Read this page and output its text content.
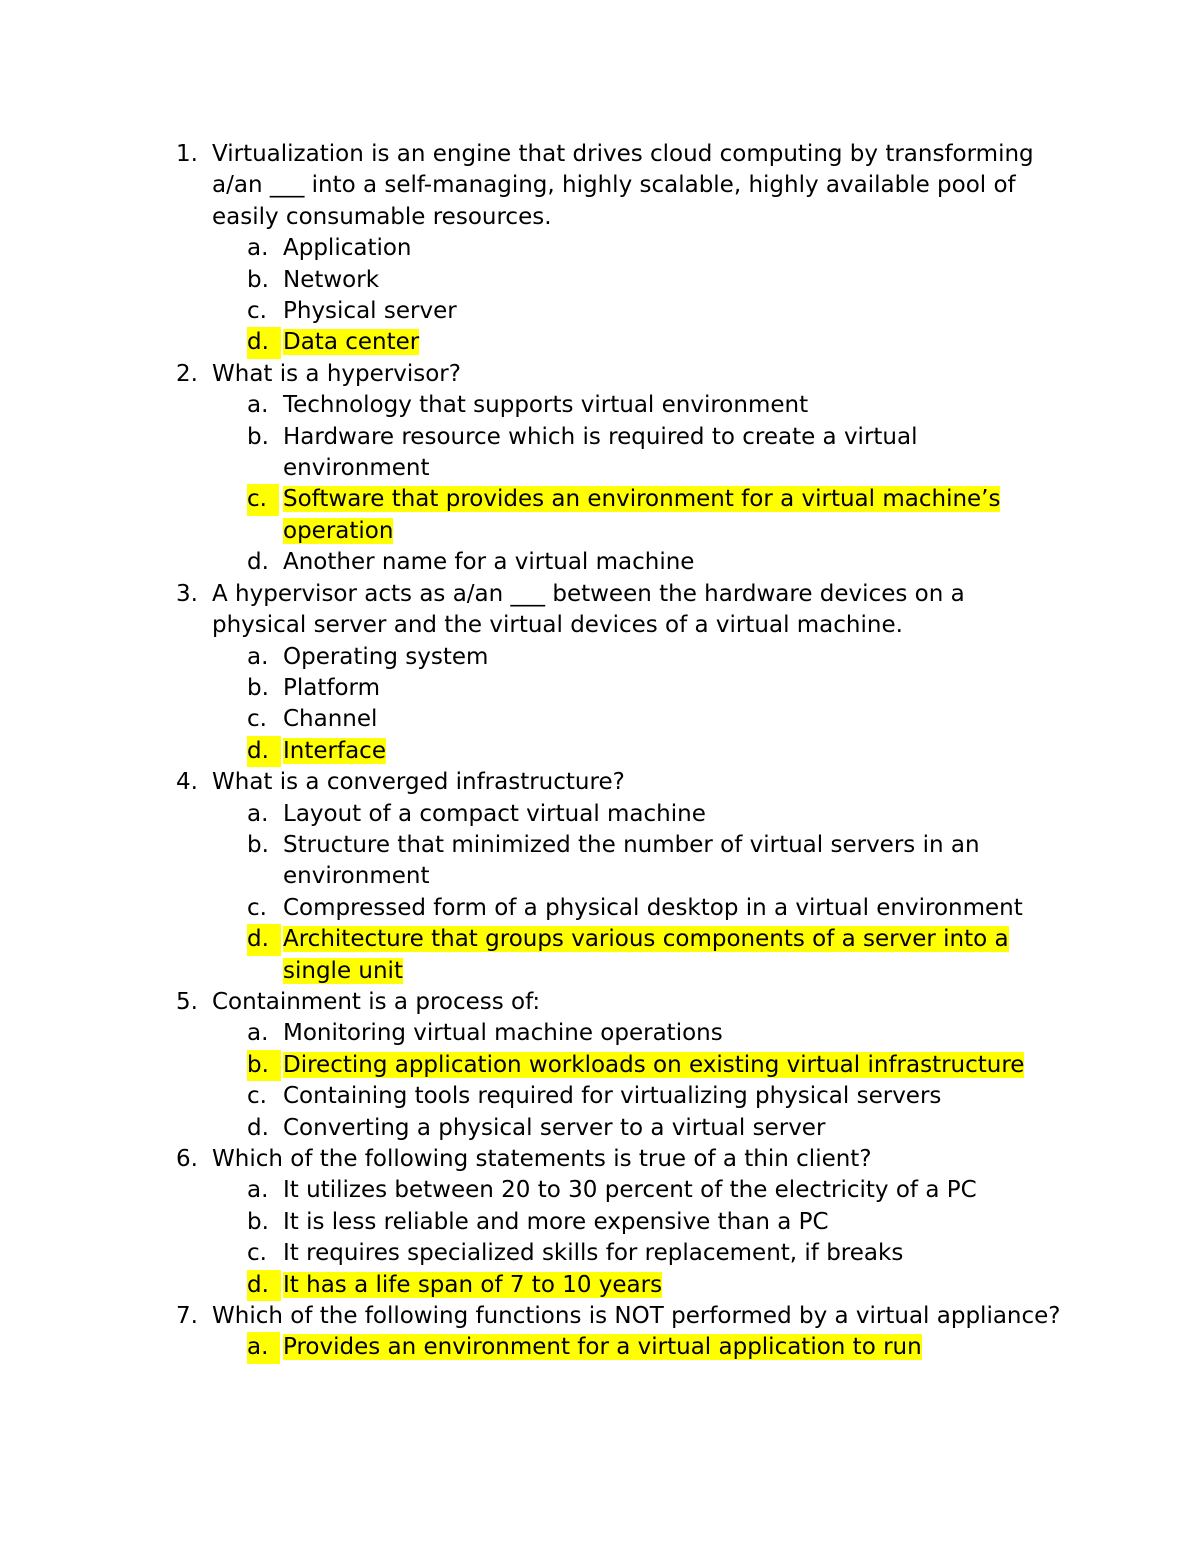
1. Virtualization is an engine that drives cloud computing by transforming a/an ___ into a self-managing, highly scalable, highly available pool of easily consumable resources.
a. Application
b. Network
c. Physical server
d. Data center
2. What is a hypervisor?
a. Technology that supports virtual environment
b. Hardware resource which is required to create a virtual environment
c. Software that provides an environment for a virtual machine’s operation
d. Another name for a virtual machine
3. A hypervisor acts as a/an ___ between the hardware devices on a physical server and the virtual devices of a virtual machine.
a. Operating system
b. Platform
c. Channel
d. Interface
4. What is a converged infrastructure?
a. Layout of a compact virtual machine
b. Structure that minimized the number of virtual servers in an environment
c. Compressed form of a physical desktop in a virtual environment
d. Architecture that groups various components of a server into a single unit
5. Containment is a process of:
a. Monitoring virtual machine operations
b. Directing application workloads on existing virtual infrastructure
c. Containing tools required for virtualizing physical servers
d. Converting a physical server to a virtual server
6. Which of the following statements is true of a thin client?
a. It utilizes between 20 to 30 percent of the electricity of a PC
b. It is less reliable and more expensive than a PC
c. It requires specialized skills for replacement, if breaks
d. It has a life span of 7 to 10 years
7. Which of the following functions is NOT performed by a virtual appliance?
a. Provides an environment for a virtual application to run
